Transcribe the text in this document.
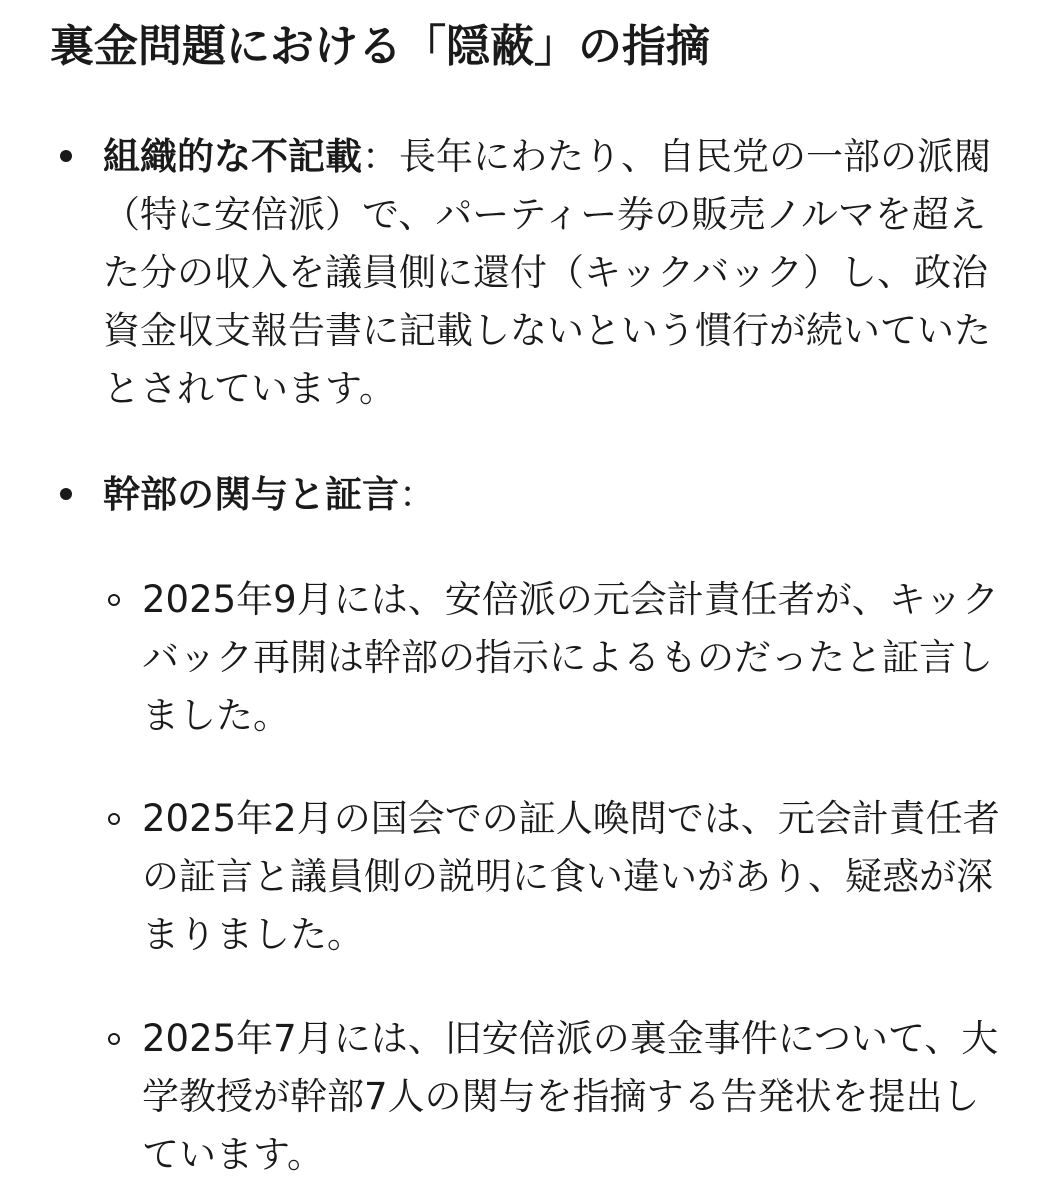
裏金問題における「隠蔽」の指摘
組織的な不記載：長年にわたり、自民党の一部の派閥（特に安倍派）で、パーティー券の販売ノルマを超えた分の収入を議員側に還付（キックバック）し、政治資金収支報告書に記載しないという慣行が続いていたとされています。
幹部の関与と証言：
2025年9月には、安倍派の元会計責任者が、キックバック再開は幹部の指示によるものだったと証言しました。
2025年2月の国会での証人喚問では、元会計責任者の証言と議員側の説明に食い違いがあり、疑惑が深まりました。
2025年7月には、旧安倍派の裏金事件について、大学教授が幹部7人の関与を指摘する告発状を提出しています。
